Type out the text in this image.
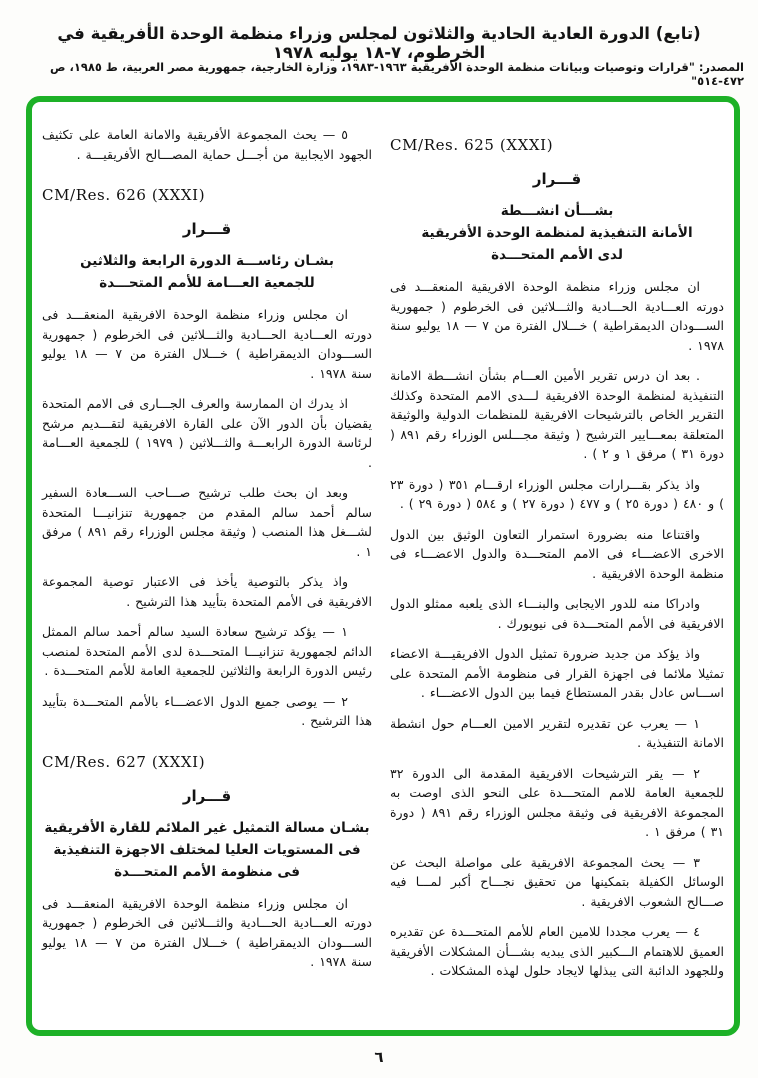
(تابع) الدورة العادية الحادية والثلاثون لمجلس وزراء منظمة الوحدة الأفريقية في الخرطوم، ٧-١٨ يوليه ١٩٧٨
المصدر: "قرارات وتوصيات وبيانات منظمة الوحدة الأفريقية ١٩٦٣-١٩٨٣، وزارة الخارجية، جمهورية مصر العربية، ط ١٩٨٥، ص ٤٧٢-٥١٤"
CM/Res. 625 (XXXI)
قـــرار
بشـــأن انشـــطة
الأمانة التنفيذية لمنظمة الوحدة الأفريقية
لدى الأمم المتحـــدة
ان مجلس وزراء منظمة الوحدة الافريقية المنعقـــد فى دورته العـــادية الحـــادية والثـــلاثين فى الخرطوم ( جمهورية الســـودان الديمقراطية ) خـــلال الفترة من ٧ — ١٨ يوليو سنة ١٩٧٨ .
. بعد ان درس تقرير الأمين العـــام بشأن انشـــطة الامانة التنفيذية لمنظمة الوحدة الافريقية لـــدى الامم المتحدة وكذلك التقرير الخاص بالترشيحات الافريقية للمنظمات الدولية والوثيقة المتعلقة بمعـــايير الترشيح ( وثيقة مجـــلس الوزراء رقم ٨٩١ ( دورة ٣١ ) مرفق ١ و ٢ ) .
واذ يذكر بقـــرارات مجلس الوزراء ارقـــام ٣٥١ ( دورة ٢٣ ) و ٤٨٠ ( دورة ٢٥ ) و ٤٧٧ ( دورة ٢٧ ) و ٥٨٤ ( دورة ٢٩ ) .
واقتناعا منه بضرورة استمرار التعاون الوثيق بين الدول الاخرى الاعضـــاء فى الامم المتحـــدة والدول الاعضـــاء فى منظمة الوحدة الافريقية .
وادراكا منه للدور الايجابى والبنـــاء الذى يلعبه ممثلو الدول الافريقية فى الأمم المتحـــدة فى نيويورك .
واذ يؤكد من جديد ضرورة تمثيل الدول الافريقيـــة الاعضاء تمثيلا ملائما فى اجهزة القرار فى منظومة الأمم المتحدة على اســـاس عادل بقدر المستطاع فيما بين الدول الاعضـــاء .
١ — يعرب عن تقديره لتقرير الامين العـــام حول انشطة الامانة التنفيذية .
٢ — يقر الترشيحات الافريقية المقدمة الى الدورة ٣٢ للجمعية العامة للامم المتحـــدة على النحو الذى اوصت به المجموعة الافريقية فى وثيقة مجلس الوزراء رقم ٨٩١ ( دورة ٣١ ) مرفق ١ .
٣ — يحث المجموعة الافريقية على مواصلة البحث عن الوسائل الكفيلة بتمكينها من تحقيق نجـــاح أكبر لمـــا فيه صـــالح الشعوب الافريقية .
٤ — يعرب مجددا للامين العام للأمم المتحـــدة عن تقديره العميق للاهتمام الـــكبير الذى يبديه بشـــأن المشكلات الأفريقية وللجهود الدائبة التى يبذلها لايجاد حلول لهذه المشكلات .
٥ — يحث المجموعة الأفريقية والامانة العامة على تكثيف الجهود الايجابية من أجـــل حماية المصـــالح الأفريقيـــة .
CM/Res. 626 (XXXI)
قـــرار
بشـان رئاســـة الدورة الرابعة والثلاثين
للجمعية العـــامة للأمم المتحـــدة
ان مجلس وزراء منظمة الوحدة الافريقية المنعقـــد فى دورته العـــادية الحـــادية والثـــلاثين فى الخرطوم ( جمهورية الســـودان الديمقراطية ) خـــلال الفترة من ٧ — ١٨ يوليو سنة ١٩٧٨ .
اذ يدرك ان الممارسة والعرف الجـــارى فى الامم المتحدة يقضيان بأن الدور الآن على القارة الافريقية لتقـــديم مرشح لرئاسة الدورة الرابعـــة والثـــلاثين ( ١٩٧٩ ) للجمعية العـــامة .
وبعد ان بحث طلب ترشيح صـــاحب الســـعادة السفير سالم أحمد سالم المقدم من جمهورية تنزانيـــا المتحدة لشـــغل هذا المنصب ( وثيقة مجلس الوزراء رقم ٨٩١ ) مرفق ١ .
واذ يذكر بالتوصية يأخذ فى الاعتبار توصية المجموعة الافريقية فى الأمم المتحدة بتأييد هذا الترشيح .
١ — يؤكد ترشيح سعادة السيد سالم أحمد سالم الممثل الدائم لجمهورية تنزانيـــا المتحـــدة لدى الأمم المتحدة لمنصب رئيس الدورة الرابعة والثلاثين للجمعية العامة للأمم المتحـــدة .
٢ — يوصى جميع الدول الاعضـــاء بالأمم المتحـــدة بتأييد هذا الترشيح .
CM/Res. 627 (XXXI)
قـــرار
بشـان مسالة التمثيل غير الملائم للقارة الأفريقية
فى المستويات العليا لمختلف الاجهزة التنفيذية
فى منظومة الأمم المتحـــدة
ان مجلس وزراء منظمة الوحدة الافريقية المنعقـــد فى دورته العـــادية الحـــادية والثـــلاثين فى الخرطوم ( جمهورية الســـودان الديمقراطية ) خـــلال الفترة من ٧ — ١٨ يوليو سنة ١٩٧٨ .
٦
